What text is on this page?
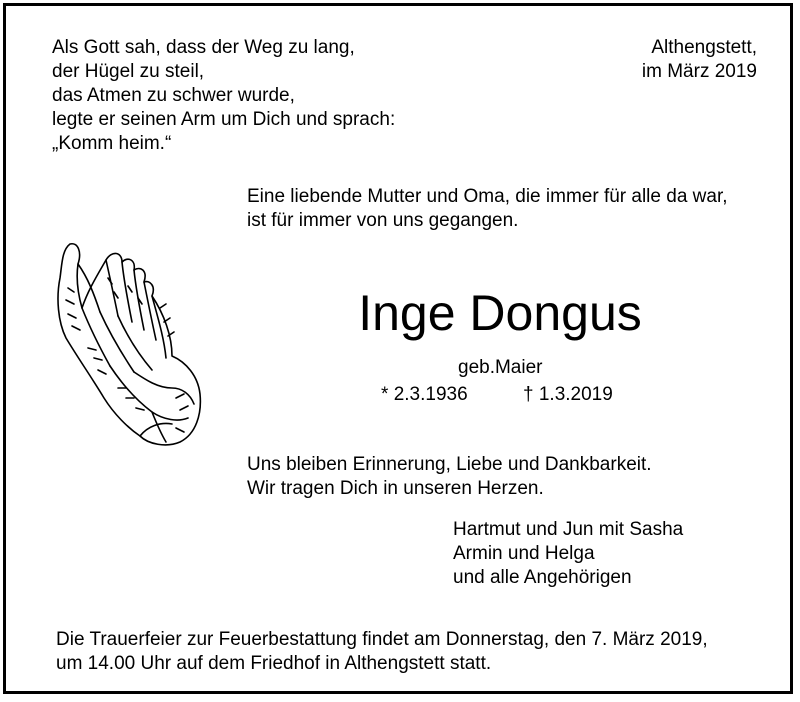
Als Gott sah, dass der Weg zu lang,
der Hügel zu steil,
das Atmen zu schwer wurde,
legte er seinen Arm um Dich und sprach:
„Komm heim.“
Althengstett,
im März 2019
Eine liebende Mutter und Oma, die immer für alle da war,
ist für immer von uns gegangen.
Inge Dongus
geb.Maier
* 2.3.1936	† 1.3.2019
Uns bleiben Erinnerung, Liebe und Dankbarkeit.
Wir tragen Dich in unseren Herzen.
Hartmut und Jun mit Sasha
Armin und Helga
und alle Angehörigen
Die Trauerfeier zur Feuerbestattung findet am Donnerstag, den 7. März 2019,
um 14.00 Uhr auf dem Friedhof in Althengstett statt.
